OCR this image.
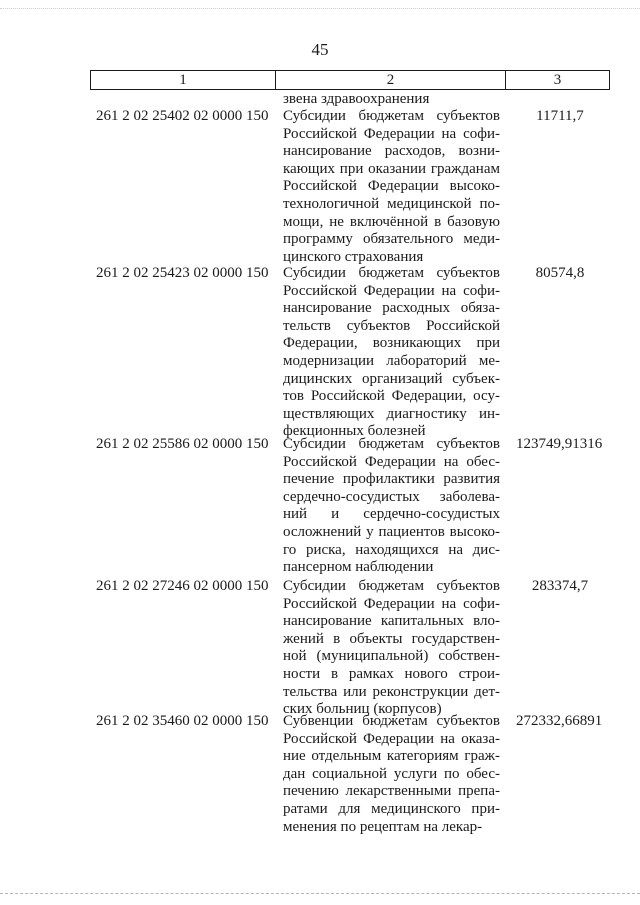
45
1	2	3
звена здравоохранения
261 2 02 25402 02 0000 150 Субсидии бюджетам субъектов
Российской Федерации на софи-
нансирование расходов, возни-
кающих при оказании гражданам
Российской Федерации высоко-
технологичной медицинской по-
мощи, не включённой в базовую
программу обязательного меди-
цинского страхования
11711,7
261 2 02 25423 02 0000 150 Субсидии бюджетам субъектов
Российской Федерации на софи-
нансирование расходных обяза-
тельств субъектов Российской
Федерации, возникающих при
модернизации лабораторий ме-
дицинских организаций субъек-
тов Российской Федерации, осу-
ществляющих диагностику ин-
фекционных болезней
80574,8
261 2 02 25586 02 0000 150 Субсидии бюджетам субъектов
Российской Федерации на обес-
печение профилактики развития
сердечно-сосудистых заболева-
ний и сердечно-сосудистых
осложнений у пациентов высоко-
го риска, находящихся на дис-
пансерном наблюдении
123749,91316
261 2 02 27246 02 0000 150 Субсидии бюджетам субъектов
Российской Федерации на софи-
нансирование капитальных вло-
жений в объекты государствен-
ной (муниципальной) собствен-
ности в рамках нового строи-
тельства или реконструкции дет-
ских больниц (корпусов)
283374,7
261 2 02 35460 02 0000 150 Субвенции бюджетам субъектов
Российской Федерации на оказа-
ние отдельным категориям граж-
дан социальной услуги по обес-
печению лекарственными препа-
ратами для медицинского при-
менения по рецептам на лекар-
272332,66891
